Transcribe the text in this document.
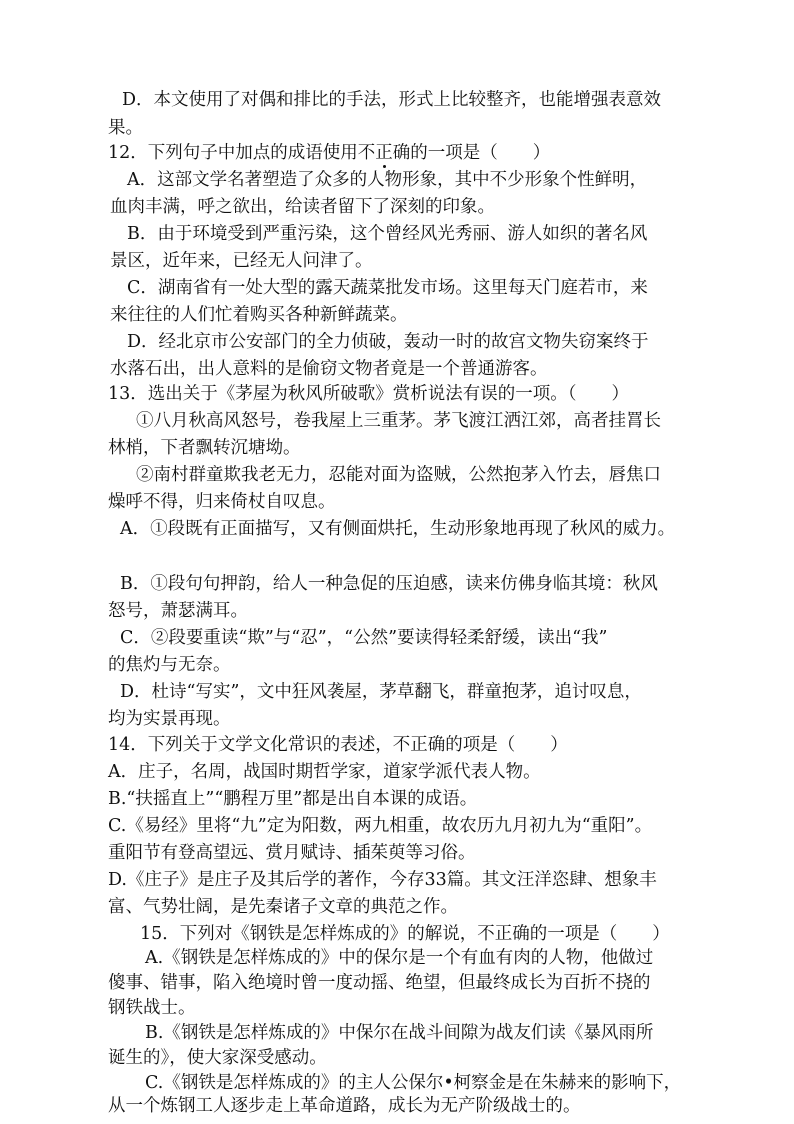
D．本文使用了对偶和排比的手法，形式上比较整齐，也能增强表意效
果。
12．下列句子中加点的成语使用不正确的一项是（　　）
A．这部文学名著塑造了众多的人物形象，其中不少形象个性鲜明，
血肉丰满，呼之欲出，给读者留下了深刻的印象。
B．由于环境受到严重污染，这个曾经风光秀丽、游人如织的著名风
景区，近年来，已经无人问津了。
C．湖南省有一处大型的露天蔬菜批发市场。这里每天门庭若市，来
来往往的人们忙着购买各种新鲜蔬菜。
D．经北京市公安部门的全力侦破，轰动一时的故宫文物失窃案终于
水落石出，出人意料的是偷窃文物者竟是一个普通游客。
13．选出关于《茅屋为秋风所破歌》赏析说法有误的一项。（　　）
①八月秋高风怒号，卷我屋上三重茅。茅飞渡江洒江郊，高者挂罥长
林梢，下者飘转沉塘坳。
②南村群童欺我老无力，忍能对面为盗贼，公然抱茅入竹去，唇焦口
燥呼不得，归来倚杖自叹息。
A．①段既有正面描写，又有侧面烘托，生动形象地再现了秋风的威力。
B．①段句句押韵，给人一种急促的压迫感，读来仿佛身临其境：秋风
怒号，萧瑟满耳。
C．②段要重读“欺”与“忍”，“公然”要读得轻柔舒缓，读出“我”
的焦灼与无奈。
D．杜诗“写实”，文中狂风袭屋，茅草翻飞，群童抱茅，追讨叹息，
均为实景再现。
14．下列关于文学文化常识的表述，不正确的项是（　　）
A．庄子，名周，战国时期哲学家，道家学派代表人物。
B.“扶摇直上”“鹏程万里”都是出自本课的成语。
C.《易经》里将“九”定为阳数，两九相重，故农历九月初九为“重阳”。
重阳节有登高望远、赏月赋诗、插茱萸等习俗。
D.《庄子》是庄子及其后学的著作，今存33篇。其文汪洋恣肆、想象丰
富、气势壮阔，是先秦诸子文章的典范之作。
15．下列对《钢铁是怎样炼成的》的解说，不正确的一项是（　　）
A.《钢铁是怎样炼成的》中的保尔是一个有血有肉的人物，他做过
傻事、错事，陷入绝境时曾一度动摇、绝望，但最终成长为百折不挠的
钢铁战士。
B.《钢铁是怎样炼成的》中保尔在战斗间隙为战友们读《暴风雨所
诞生的》，使大家深受感动。
C.《钢铁是怎样炼成的》的主人公保尔•柯察金是在朱赫来的影响下，
从一个炼钢工人逐步走上革命道路，成长为无产阶级战士的。
